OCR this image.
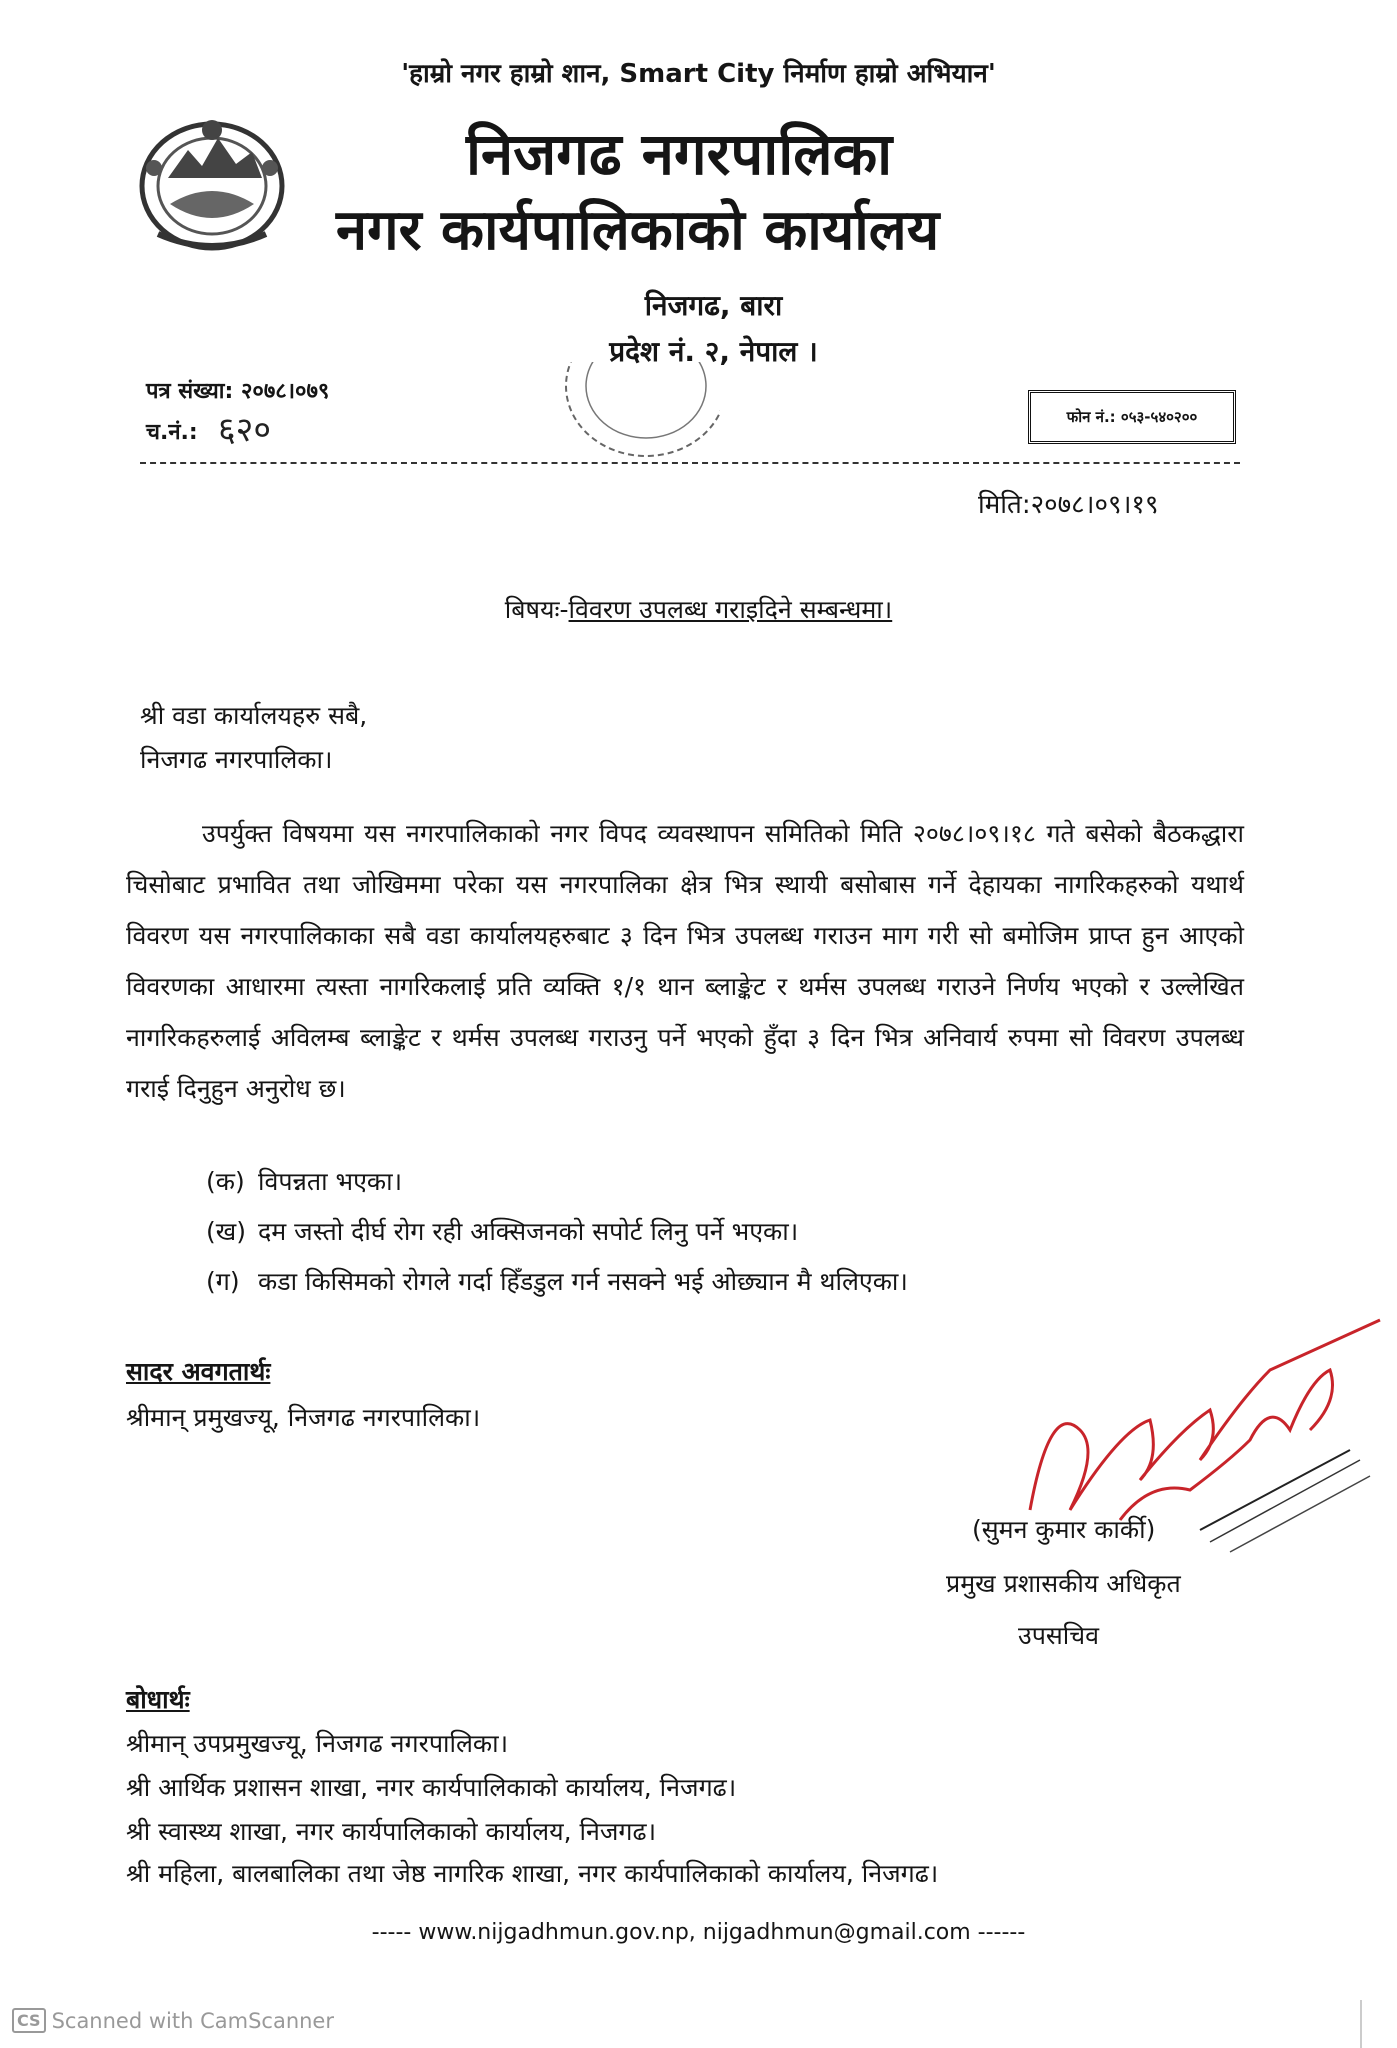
'हाम्रो नगर हाम्रो शान, Smart City निर्माण हाम्रो अभियान'
निजगढ नगरपालिका
नगर कार्यपालिकाको कार्यालय
निजगढ, बारा
प्रदेश नं. २, नेपाल ।
पत्र संख्या: २०७८।०७९
च.नं.: ६२०	फोन नं.: ०५३-५४०२००
मिति:२०७८।०९।१९
बिषयः-विवरण उपलब्ध गराइदिने सम्बन्धमा।
श्री वडा कार्यालयहरु सबै,
निजगढ नगरपालिका।
उपर्युक्त विषयमा यस नगरपालिकाको नगर विपद व्यवस्थापन समितिको मिति २०७८।०९।१८ गते बसेको बैठकद्धारा चिसोबाट प्रभावित तथा जोखिममा परेका यस नगरपालिका क्षेत्र भित्र स्थायी बसोबास गर्ने देहायका नागरिकहरुको यथार्थ विवरण यस नगरपालिकाका सबै वडा कार्यालयहरुबाट ३ दिन भित्र उपलब्ध गराउन माग गरी सो बमोजिम प्राप्त हुन आएको विवरणका आधारमा त्यस्ता नागरिकलाई प्रति व्यक्ति १/१ थान ब्लाङ्केट र थर्मस उपलब्ध गराउने निर्णय भएको र उल्लेखित नागरिकहरुलाई अविलम्ब ब्लाङ्केट र थर्मस उपलब्ध गराउनु पर्ने भएको हुँदा ३ दिन भित्र अनिवार्य रुपमा सो विवरण उपलब्ध गराई दिनुहुन अनुरोध छ।
(क) विपन्नता भएका।
(ख) दम जस्तो दीर्घ रोग रही अक्सिजनको सपोर्ट लिनु पर्ने भएका।
(ग) कडा किसिमको रोगले गर्दा हिँडडुल गर्न नसक्ने भई ओछ्यान मै थलिएका।
सादर अवगतार्थः
श्रीमान् प्रमुखज्यू, निजगढ नगरपालिका।
(सुमन कुमार कार्की)
प्रमुख प्रशासकीय अधिकृत
उपसचिव
बोधार्थः
श्रीमान् उपप्रमुखज्यू, निजगढ नगरपालिका।
श्री आर्थिक प्रशासन शाखा, नगर कार्यपालिकाको कार्यालय, निजगढ।
श्री स्वास्थ्य शाखा, नगर कार्यपालिकाको कार्यालय, निजगढ।
श्री महिला, बालबालिका तथा जेष्ठ नागरिक शाखा, नगर कार्यपालिकाको कार्यालय, निजगढ।
----- www.nijgadhmun.gov.np, nijgadhmun@gmail.com ------
CS Scanned with CamScanner
